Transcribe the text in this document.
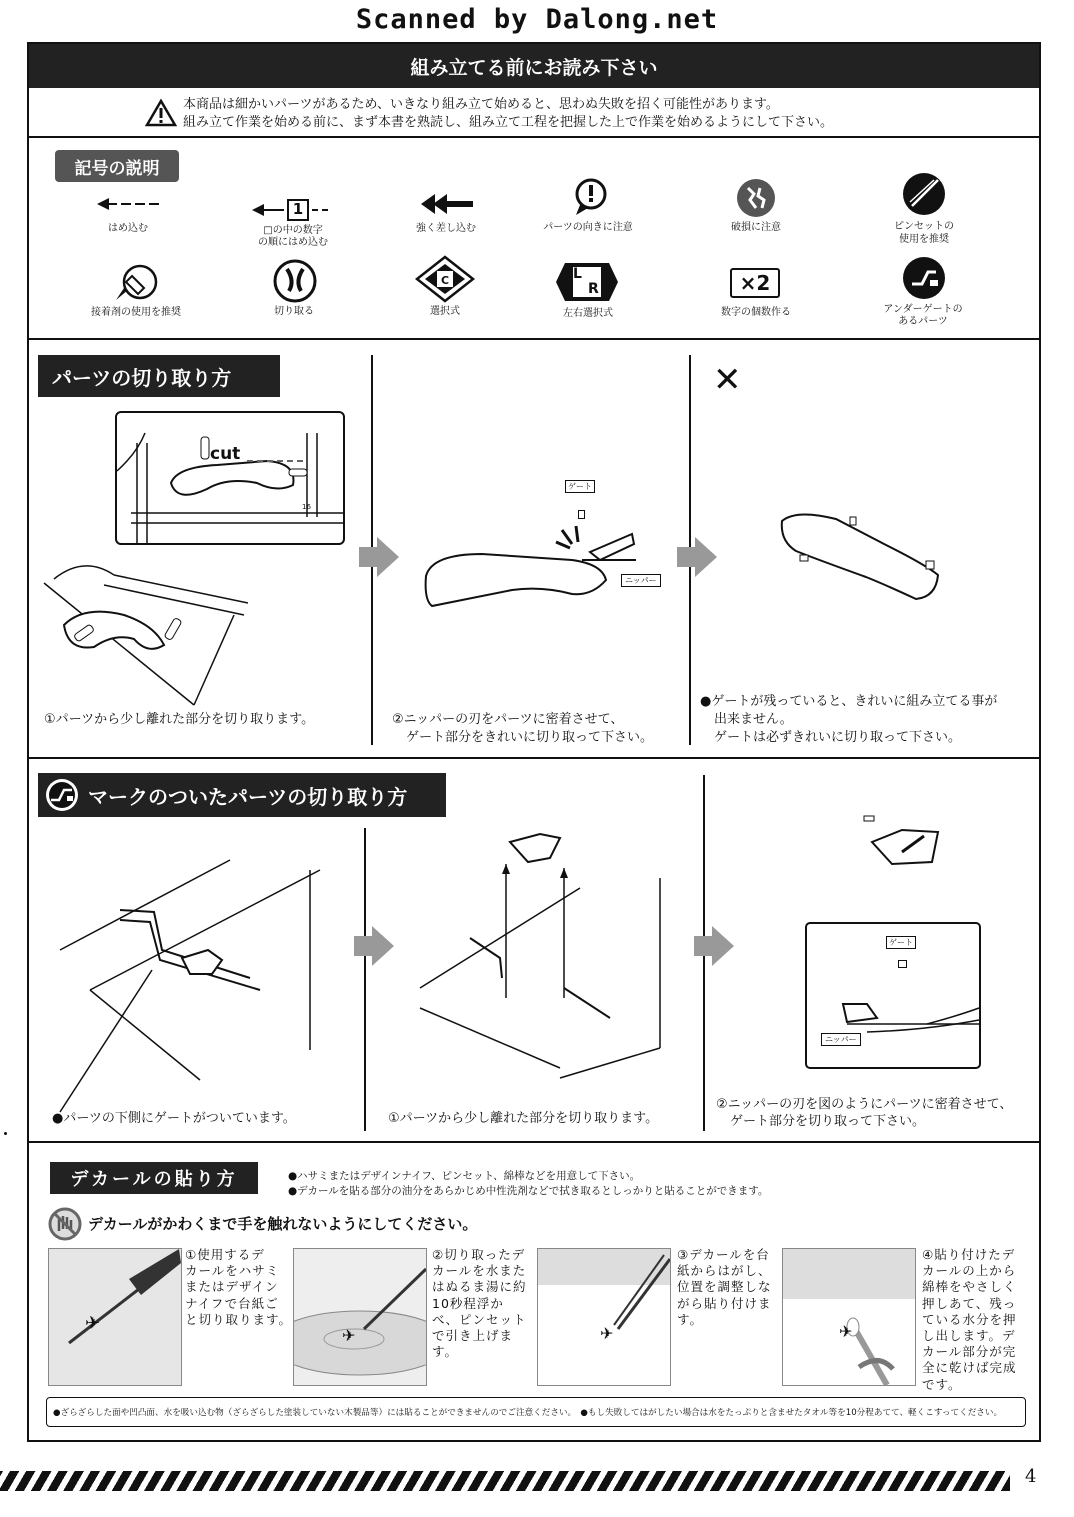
Scanned by Dalong.net
組み立てる前にお読み下さい
本商品は細かいパーツがあるため、いきなり組み立て始めると、思わぬ失敗を招く可能性があります。
組み立て作業を始める前に、まず本書を熟読し、組み立て工程を把握した上で作業を始めるようにして下さい。
記号の説明
はめ込む
1
□の中の数字
の順にはめ込む
強く差し込む	パーツの向きに注意	破損に注意	ピンセットの
使用を推奨
接着剤の使用を推奨	切り取る
C
選択式
L
R
左右選択式
×2
数字の個数作る	アンダーゲートの
あるパーツ
パーツの切り取り方
cut
16
①パーツから少し離れた部分を切り取ります。
ゲート
ニッパー
②ニッパーの刃をパーツに密着させて、
ゲート部分をきれいに切り取って下さい。
✕
●ゲートが残っていると、きれいに組み立てる事が
出来ません。
ゲートは必ずきれいに切り取って下さい。
マークのついたパーツの切り取り方
●パーツの下側にゲートがついています。	①パーツから少し離れた部分を切り取ります。
ゲート
ニッパー
②ニッパーの刃を図のようにパーツに密着させて、
ゲート部分を切り取って下さい。
デカールの貼り方	●ハサミまたはデザインナイフ、ピンセット、綿棒などを用意して下さい。
●デカールを貼る部分の油分をあらかじめ中性洗剤などで拭き取るとしっかりと貼ることができます。
デカールがかわくまで手を触れないようにしてください。
✈
✈	✈	✈
①使用するデ
カールをハサミ
またはデザイン
ナイフで台紙ご
と切り取ります。
②切り取ったデ
カールを水また
はぬるま湯に約
10秒程浮か
べ、ピンセット
で引き上げま
す。
③デカールを台
紙からはがし、
位置を調整しな
がら貼り付けま
す。
④貼り付けたデ
カールの上から
綿棒をやさしく
押しあて、残っ
ている水分を押
し出します。デ
カール部分が完
全に乾けば完成
です。
●ざらざらした面や凹凸面、水を吸い込む物（ざらざらした塗装していない木製品等）には貼ることができませんのでご注意ください。　●もし失敗してはがしたい場合は水をたっぷりと含ませたタオル等を10分程あてて、軽くこすってください。
4
